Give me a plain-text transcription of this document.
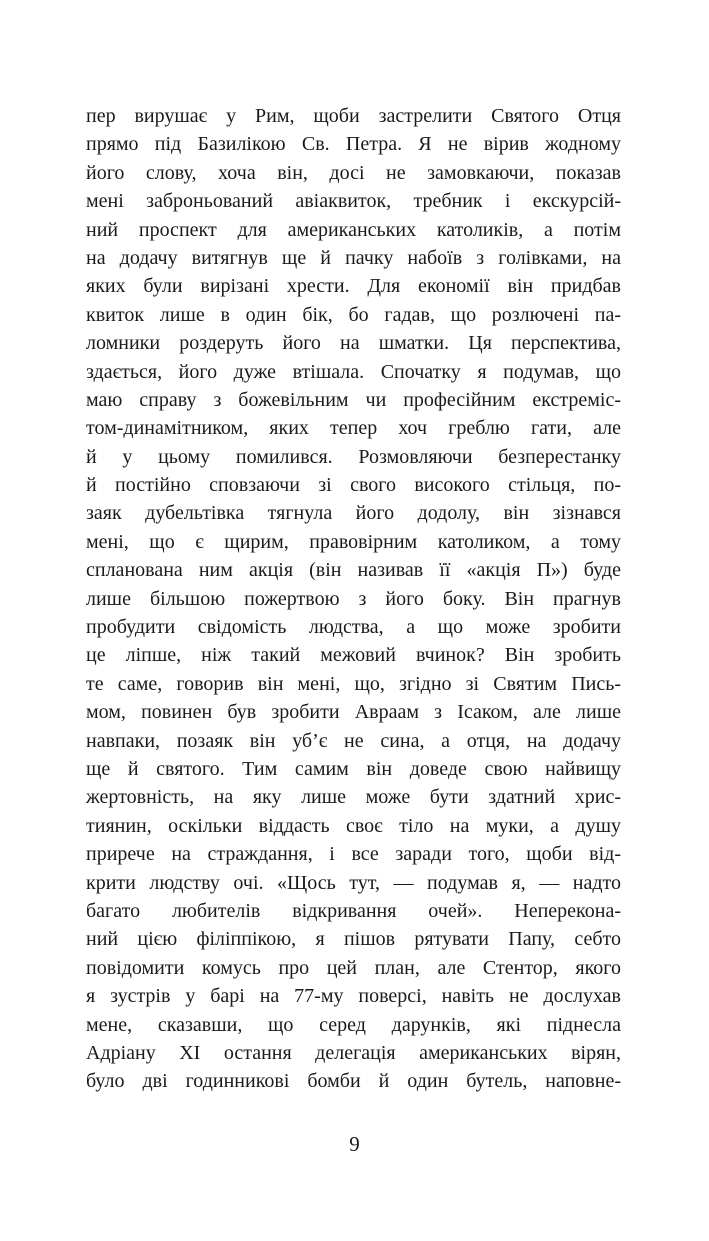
пер вирушає у Рим, щоби застрелити Святого Отця
прямо під Базилікою Св. Петра. Я не вірив жодному
його слову, хоча він, досі не замовкаючи, показав
мені заброньований авіаквиток, требник і екскурсій-
ний проспект для американських католиків, а потім
на додачу витягнув ще й пачку набоїв з голівками, на
яких були вирізані хрести. Для економії він придбав
квиток лише в один бік, бо гадав, що розлючені па-
ломники роздеруть його на шматки. Ця перспектива,
здається, його дуже втішала. Спочатку я подумав, що
маю справу з божевільним чи професійним екстреміс-
том-динамітником, яких тепер хоч греблю гати, але
й у цьому помилився. Розмовляючи безперестанку
й постійно сповзаючи зі свого високого стільця, по-
заяк дубельтівка тягнула його додолу, він зізнався
мені, що є щирим, правовірним католиком, а тому
спланована ним акція (він називав її «акція П») буде
лише більшою пожертвою з його боку. Він прагнув
пробудити свідомість людства, а що може зробити
це ліпше, ніж такий межовий вчинок? Він зробить
те саме, говорив він мені, що, згідно зі Святим Пись-
мом, повинен був зробити Авраам з Ісаком, але лише
навпаки, позаяк він уб’є не сина, а отця, на додачу
ще й святого. Тим самим він доведе свою найвищу
жертовність, на яку лише може бути здатний хрис-
тиянин, оскільки віддасть своє тіло на муки, а душу
приречe на страждання, і все заради того, щоби від-
крити людству очі. «Щось тут, — подумав я, — надто
багато любителів відкривання очей». Непереконa-
ний цією філіппікою, я пішов рятувати Папу, себто
повідомити комусь про цей план, але Стентор, якого
я зустрів у барі на 77-му поверсі, навіть не дослухав
мене, сказавши, що серед дарунків, які піднесла
Адріану XI остання делегація американських вірян,
було дві годинникові бомби й один бутель, наповне-
9
